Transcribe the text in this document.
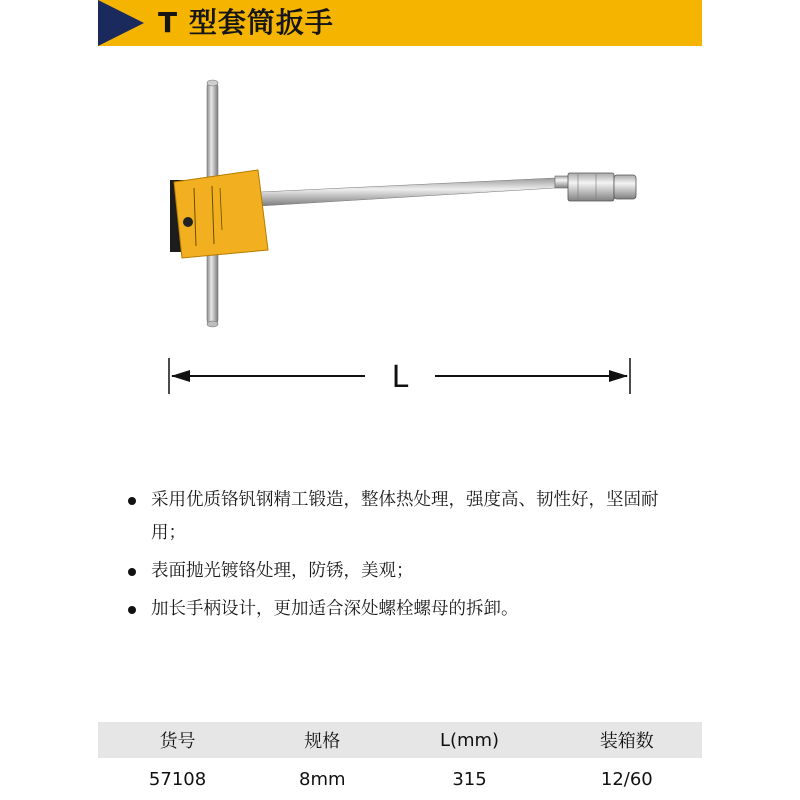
T 型套筒扳手
L
采用优质铬钒钢精工锻造，整体热处理，强度高、韧性好，坚固耐用；
表面抛光镀铬处理，防锈，美观；
加长手柄设计，更加适合深处螺栓螺母的拆卸。
货号	规格	L(mm)	装箱数
57108	8mm	315	12/60
